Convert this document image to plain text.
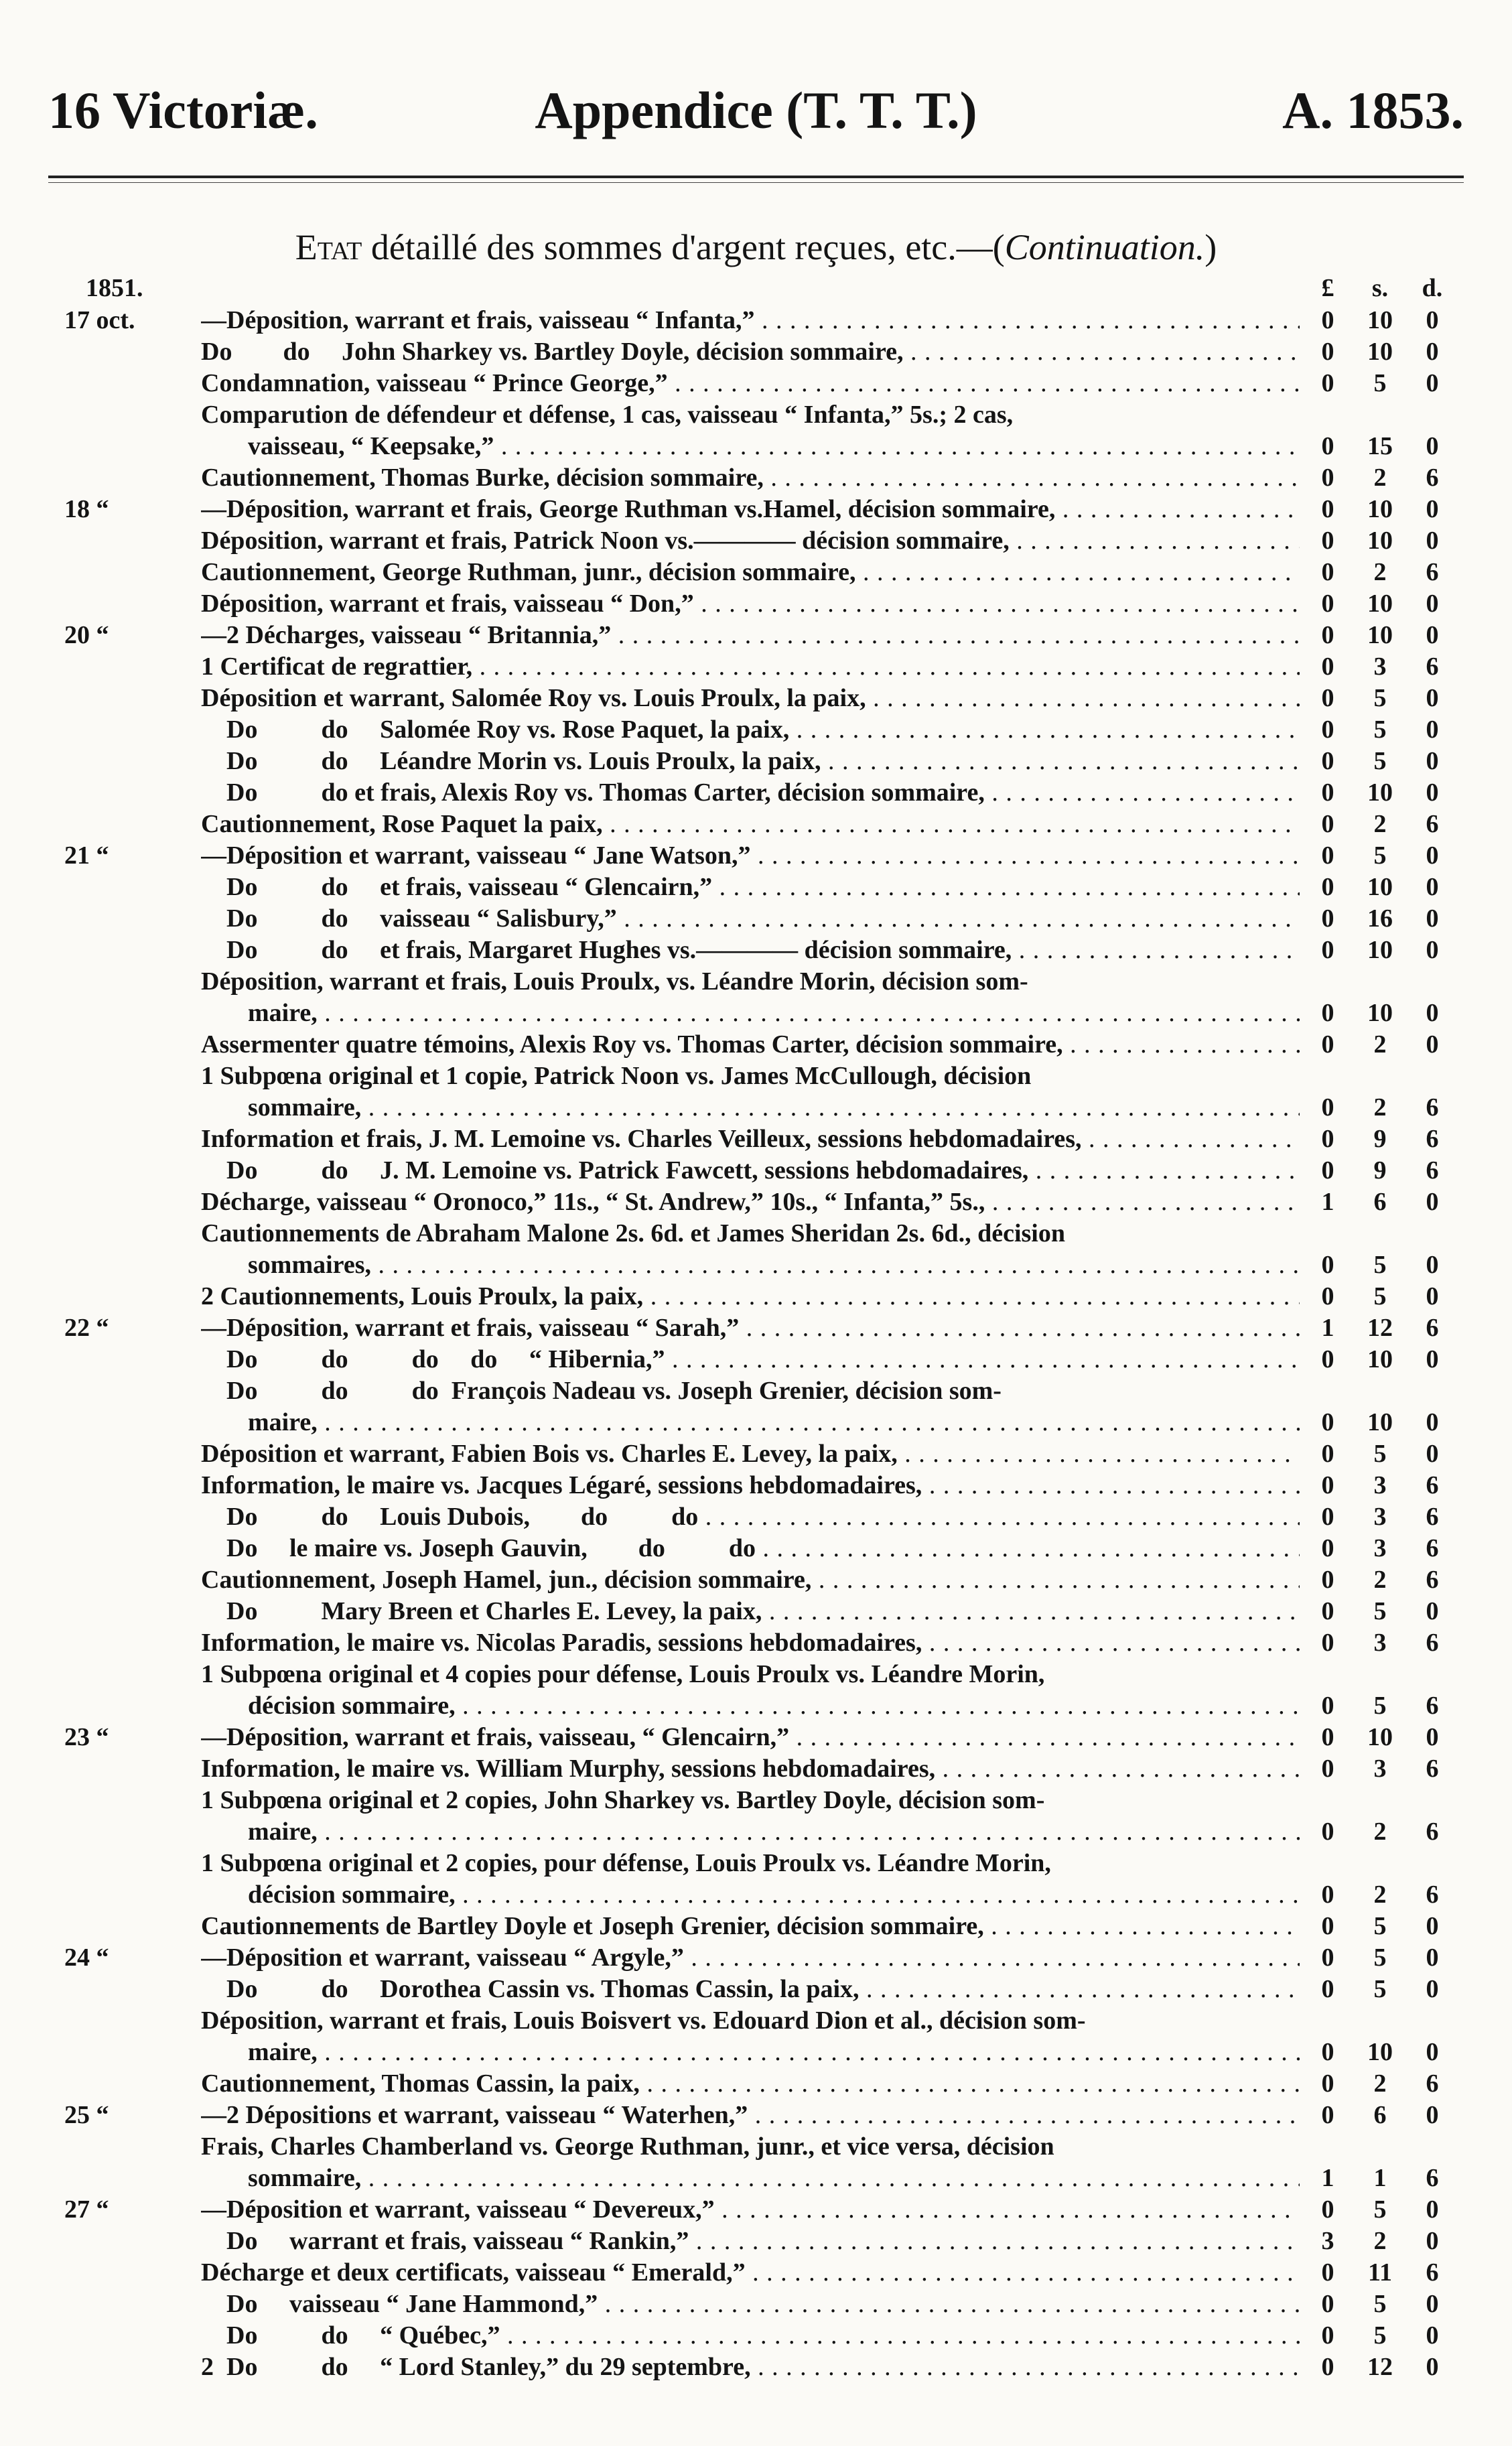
16 Victoriæ.	Appendice (T. T. T.)	A. 1853.
Etat détaillé des sommes d'argent reçues, etc.—(Continuation.)
1851.	£	s.	d.
17 oct.	—Déposition, warrant et frais, vaisseau “ Infanta,” . . .	0	10	0
Do        do     John Sharkey vs. Bartley Doyle, décision sommaire, . . .	0	10	0
Condamnation, vaisseau “ Prince George,” . . .	0	5	0
Comparution de défendeur et défense, 1 cas, vaisseau “ Infanta,” 5s.; 2 cas,
vaisseau, “ Keepsake,” . . .	0	15	0
Cautionnement, Thomas Burke, décision sommaire, . . .	0	2	6
18 “	—Déposition, warrant et frais, George Ruthman vs.Hamel, décision sommaire, . . .	0	10	0
Déposition, warrant et frais, Patrick Noon vs.———— décision sommaire, . . .	0	10	0
Cautionnement, George Ruthman, junr., décision sommaire, . . .	0	2	6
Déposition, warrant et frais, vaisseau “ Don,” . . .	0	10	0
20 “	—2 Décharges, vaisseau “ Britannia,” . . .	0	10	0
1 Certificat de regrattier, . . .	0	3	6
Déposition et warrant, Salomée Roy vs. Louis Proulx, la paix, . . .	0	5	0
Do          do     Salomée Roy vs. Rose Paquet, la paix, . . .	0	5	0
Do          do     Léandre Morin vs. Louis Proulx, la paix, . . .	0	5	0
Do          do et frais, Alexis Roy vs. Thomas Carter, décision sommaire, . . .	0	10	0
Cautionnement, Rose Paquet la paix, . . .	0	2	6
21 “	—Déposition et warrant, vaisseau “ Jane Watson,” . . .	0	5	0
Do          do     et frais, vaisseau “ Glencairn,” . . .	0	10	0
Do          do     vaisseau “ Salisbury,” . . .	0	16	0
Do          do     et frais, Margaret Hughes vs.———— décision sommaire, . . .	0	10	0
Déposition, warrant et frais, Louis Proulx, vs. Léandre Morin, décision som-
maire, . . .	0	10	0
Assermenter quatre témoins, Alexis Roy vs. Thomas Carter, décision sommaire, . . .	0	2	0
1 Subpœna original et 1 copie, Patrick Noon vs. James McCullough, décision
sommaire, . . .	0	2	6
Information et frais, J. M. Lemoine vs. Charles Veilleux, sessions hebdomadaires, . . .	0	9	6
Do          do     J. M. Lemoine vs. Patrick Fawcett, sessions hebdomadaires, . . .	0	9	6
Décharge, vaisseau “ Oronoco,” 11s., “ St. Andrew,” 10s., “ Infanta,” 5s., . . .	1	6	0
Cautionnements de Abraham Malone 2s. 6d. et James Sheridan 2s. 6d., décision
sommaires, . . .	0	5	0
2 Cautionnements, Louis Proulx, la paix, . . .	0	5	0
22 “	—Déposition, warrant et frais, vaisseau “ Sarah,” . . .	1	12	6
Do          do          do     do     “ Hibernia,” . . .	0	10	0
Do          do          do  François Nadeau vs. Joseph Grenier, décision som-
maire, . . .	0	10	0
Déposition et warrant, Fabien Bois vs. Charles E. Levey, la paix, . . .	0	5	0
Information, le maire vs. Jacques Légaré, sessions hebdomadaires, . . .	0	3	6
Do          do     Louis Dubois,        do          do . . .	0	3	6
Do     le maire vs. Joseph Gauvin,        do          do . . .	0	3	6
Cautionnement, Joseph Hamel, jun., décision sommaire, . . .	0	2	6
Do          Mary Breen et Charles E. Levey, la paix, . . .	0	5	0
Information, le maire vs. Nicolas Paradis, sessions hebdomadaires, . . .	0	3	6
1 Subpœna original et 4 copies pour défense, Louis Proulx vs. Léandre Morin,
décision sommaire, . . .	0	5	6
23 “	—Déposition, warrant et frais, vaisseau, “ Glencairn,” . . .	0	10	0
Information, le maire vs. William Murphy, sessions hebdomadaires, . . .	0	3	6
1 Subpœna original et 2 copies, John Sharkey vs. Bartley Doyle, décision som-
maire, . . .	0	2	6
1 Subpœna original et 2 copies, pour défense, Louis Proulx vs. Léandre Morin,
décision sommaire, . . .	0	2	6
Cautionnements de Bartley Doyle et Joseph Grenier, décision sommaire, . . .	0	5	0
24 “	—Déposition et warrant, vaisseau “ Argyle,” . . .	0	5	0
Do          do     Dorothea Cassin vs. Thomas Cassin, la paix, . . .	0	5	0
Déposition, warrant et frais, Louis Boisvert vs. Edouard Dion et al., décision som-
maire, . . .	0	10	0
Cautionnement, Thomas Cassin, la paix, . . .	0	2	6
25 “	—2 Dépositions et warrant, vaisseau “ Waterhen,” . . .	0	6	0
Frais, Charles Chamberland vs. George Ruthman, junr., et vice versa, décision
sommaire, . . .	1	1	6
27 “	—Déposition et warrant, vaisseau “ Devereux,” . . .	0	5	0
Do     warrant et frais, vaisseau “ Rankin,” . . .	3	2	0
Décharge et deux certificats, vaisseau “ Emerald,” . . .	0	11	6
Do     vaisseau “ Jane Hammond,” . . .	0	5	0
Do          do     “ Québec,” . . .	0	5	0
2  Do          do     “ Lord Stanley,” du 29 septembre, . . .	0	12	0
